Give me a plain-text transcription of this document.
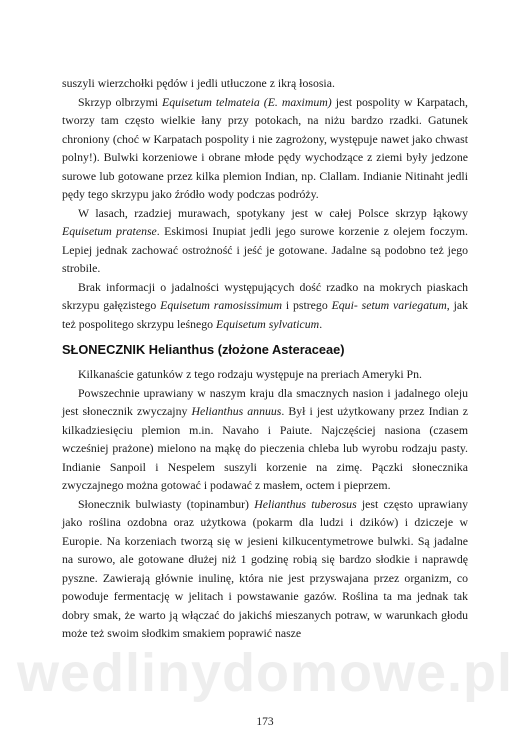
suszyli wierzchołki pędów i jedli utłuczone z ikrą łososia.

Skrzyp olbrzymi Equisetum telmateia (E. maximum) jest pospolity w Karpatach, tworzy tam często wielkie łany przy potokach, na niżu bardzo rzadki. Gatunek chroniony (choć w Karpatach pospolity i nie zagrożony, występuje nawet jako chwast polny!). Bulwki korzeniowe i obrane młode pędy wychodzące z ziemi były jedzone surowe lub gotowane przez kilka plemion Indian, np. Clallam. Indianie Nitinaht jedli pędy tego skrzypu jako źródło wody podczas podróży.

W lasach, rzadziej murawach, spotykany jest w całej Polsce skrzyp łąkowy Equisetum pratense. Eskimosi Inupiat jedli jego surowe korzenie z olejem foczym. Lepiej jednak zachować ostrożność i jeść je gotowane. Jadalne są podobno też jego strobile.

Brak informacji o jadalności występujących dość rzadko na mokrych piaskach skrzypu gałęzistego Equisetum ramosissimum i pstrego Equi- setum variegatum, jak też pospolitego skrzypu leśnego Equisetum sylvaticum.

SŁONECZNIK Helianthus (złożone Asteraceae)

Kilkanaście gatunków z tego rodzaju występuje na preriach Ameryki Pn.

Powszechnie uprawiany w naszym kraju dla smacznych nasion i jadalnego oleju jest słonecznik zwyczajny Helianthus annuus. Był i jest użytkowany przez Indian z kilkadziesięciu plemion m.in. Navaho i Paiute. Najczęściej nasiona (czasem wcześniej prażone) mielono na mąkę do pieczenia chleba lub wyrobu rodzaju pasty. Indianie Sanpoil i Nespelem suszyli korzenie na zimę. Pączki słonecznika zwyczajnego można gotować i podawać z masłem, octem i pieprzem.

Słonecznik bulwiasty (topinambur) Helianthus tuberosus jest często uprawiany jako roślina ozdobna oraz użytkowa (pokarm dla ludzi i dzików) i dziczeje w Europie. Na korzeniach tworzą się w jesieni kilkucentymetrowe bulwki. Są jadalne na surowo, ale gotowane dłużej niż 1 godzinę robią się bardzo słodkie i naprawdę pyszne. Zawierają głównie inulinę, która nie jest przyswajana przez organizm, co powoduje fermentację w jelitach i powstawanie gazów. Roślina ta ma jednak tak dobry smak, że warto ją włączać do jakichś mieszanych potraw, w warunkach głodu może też swoim słodkim smakiem poprawić nasze

wedlinydomowe.pl
173
